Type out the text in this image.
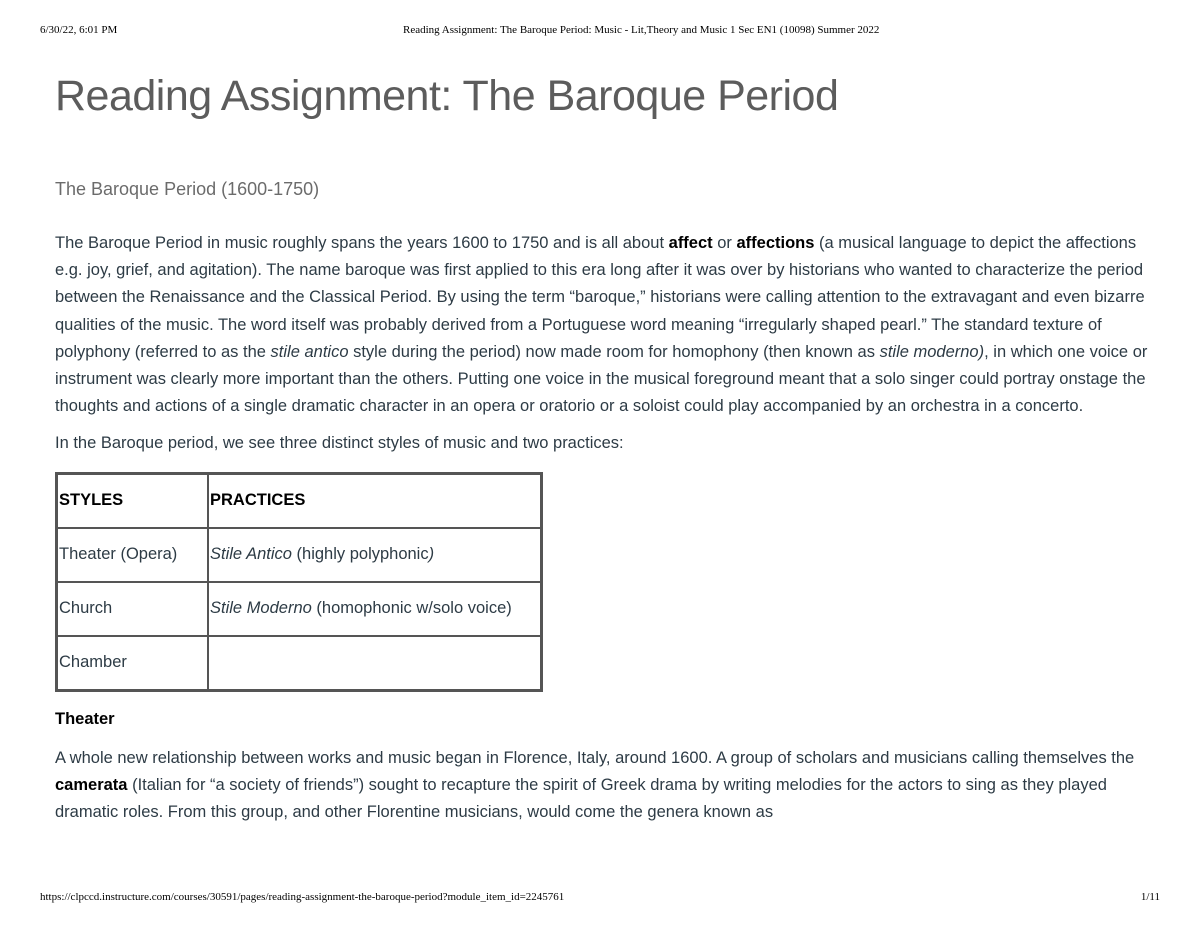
6/30/22, 6:01 PM	Reading Assignment: The Baroque Period: Music - Lit,Theory and Music 1 Sec EN1 (10098) Summer 2022
Reading Assignment: The Baroque Period
The Baroque Period (1600-1750)

The Baroque Period in music roughly spans the years 1600 to 1750 and is all about affect or affections (a musical language to depict the affections e.g. joy, grief, and agitation). The name baroque was first applied to this era long after it was over by historians who wanted to characterize the period between the Renaissance and the Classical Period. By using the term “baroque,” historians were calling attention to the extravagant and even bizarre qualities of the music. The word itself was probably derived from a Portuguese word meaning “irregularly shaped pearl.” The standard texture of polyphony (referred to as the stile antico style during the period) now made room for homophony (then known as stile moderno), in which one voice or instrument was clearly more important than the others. Putting one voice in the musical foreground meant that a solo singer could portray onstage the thoughts and actions of a single dramatic character in an opera or oratorio or a soloist could play accompanied by an orchestra in a concerto.

In the Baroque period, we see three distinct styles of music and two practices:

STYLES	PRACTICES
Theater (Opera)	Stile Antico (highly polyphonic)
Church	Stile Moderno (homophonic w/solo voice)
Chamber	

Theater

A whole new relationship between works and music began in Florence, Italy, around 1600. A group of scholars and musicians calling themselves the camerata (Italian for “a society of friends”) sought to recapture the spirit of Greek drama by writing melodies for the actors to sing as they played dramatic roles. From this group, and other Florentine musicians, would come the genera known as

https://clpccd.instructure.com/courses/30591/pages/reading-assignment-the-baroque-period?module_item_id=2245761	1/11
